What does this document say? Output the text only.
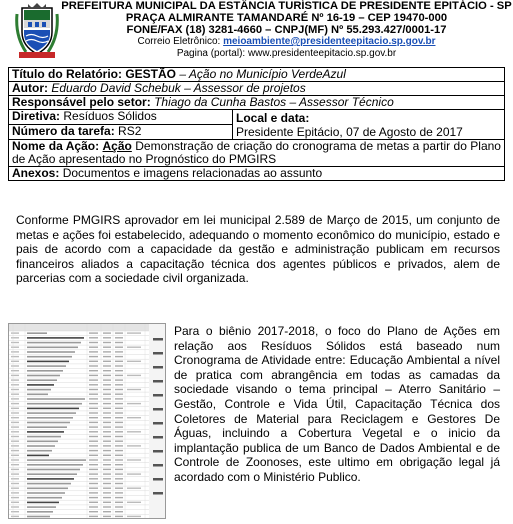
PREFEITURA MUNICIPAL DA ESTÂNCIA TURÍSTICA DE PRESIDENTE EPITÁCIO - SP
PRAÇA ALMIRANTE TAMANDARÉ Nº 16-19 – CEP 19470-000
FONE/FAX (18) 3281-4660 – CNPJ(MF) Nº 55.293.427/0001-17
Correio Eletrônico: meioambiente@presidenteepitacio.sp.gov.br
Pagina (portal): www.presidenteepitacio.sp.gov.br
Título do Relatório: GESTÃO – Ação no Município VerdeAzul
Autor: Eduardo David Schebuk – Assessor de projetos
Responsável pelo setor: Thiago da Cunha Bastos – Assessor Técnico
Diretiva: Resíduos Sólidos	Local e data:
Presidente Epitácio, 07 de Agosto de 2017

Número da tarefa: RS2
Nome da Ação: Ação Demonstração de criação do cronograma de metas a partir do Plano de Ação apresentado no Prognóstico do PMGIRS
Anexos: Documentos e imagens relacionadas ao assunto
Conforme PMGIRS aprovador em lei municipal 2.589 de Março de 2015, um conjunto de metas e ações foi estabelecido, adequando o momento econômico do município, estado e pais de acordo com a capacidade da gestão e administração publicam em recursos financeiros aliados a capacitação técnica dos agentes públicos e privados, alem de parcerias com a sociedade civil organizada.
Para o biênio 2017-2018, o foco do Plano de Ações em relação aos Resíduos Sólidos está baseado num Cronograma de Atividade entre: Educação Ambiental a nível de pratica com abrangência em todas as camadas da sociedade visando o tema principal – Aterro Sanitário – Gestão, Controle e Vida Útil, Capacitação Técnica dos Coletores de Material para Reciclagem e Gestores De Águas, incluindo a Cobertura Vegetal e o inicio da implantação publica de um Banco de Dados Ambiental e de Controle de Zoonoses, este ultimo em obrigação legal já acordado com o Ministério Publico.
